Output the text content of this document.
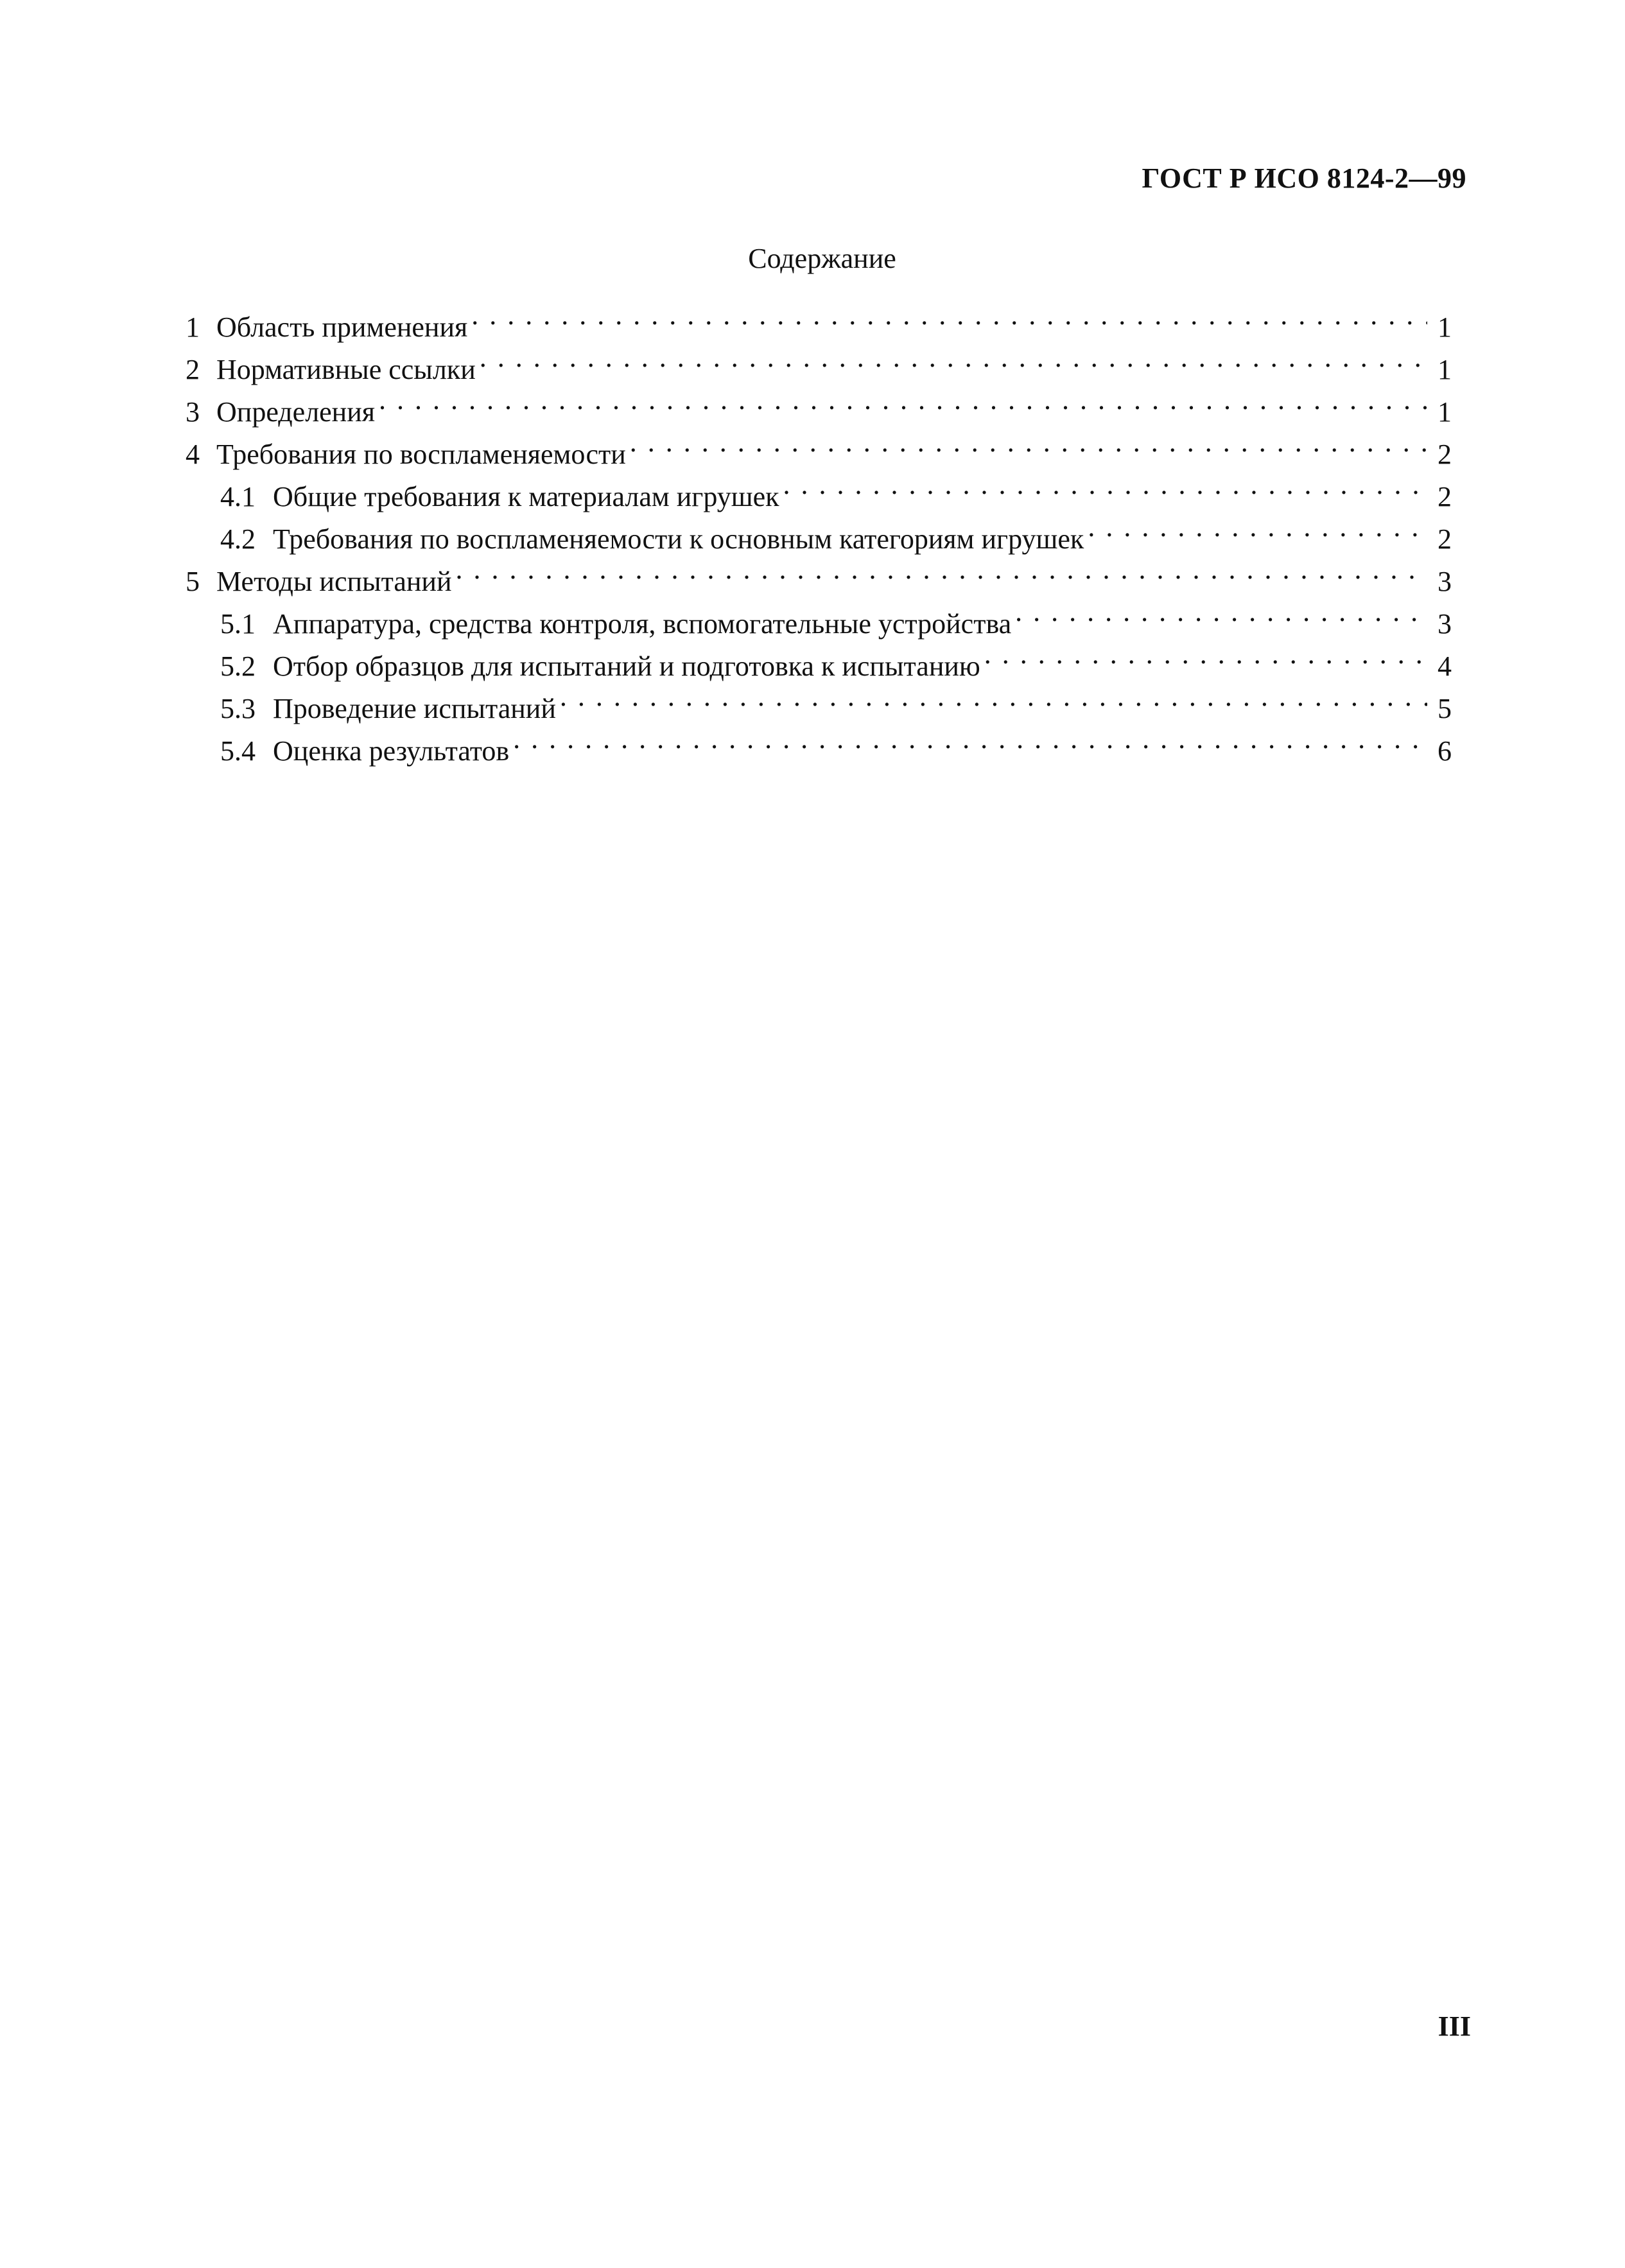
ГОСТ Р ИСО 8124-2—99
Содержание
1 Область применения . . .	1
2 Нормативные ссылки . . .	1
3 Определения . . .	1
4 Требования по воспламеняемости . . .	2
4.1 Общие требования к материалам игрушек . . .	2
4.2 Требования по воспламеняемости к основным категориям игрушек . . .	2
5 Методы испытаний . . .	3
5.1 Аппаратура, средства контроля, вспомогательные устройства . . .	3
5.2 Отбор образцов для испытаний и подготовка к испытанию . . .	4
5.3 Проведение испытаний . . .	5
5.4 Оценка результатов . . .	6
III
